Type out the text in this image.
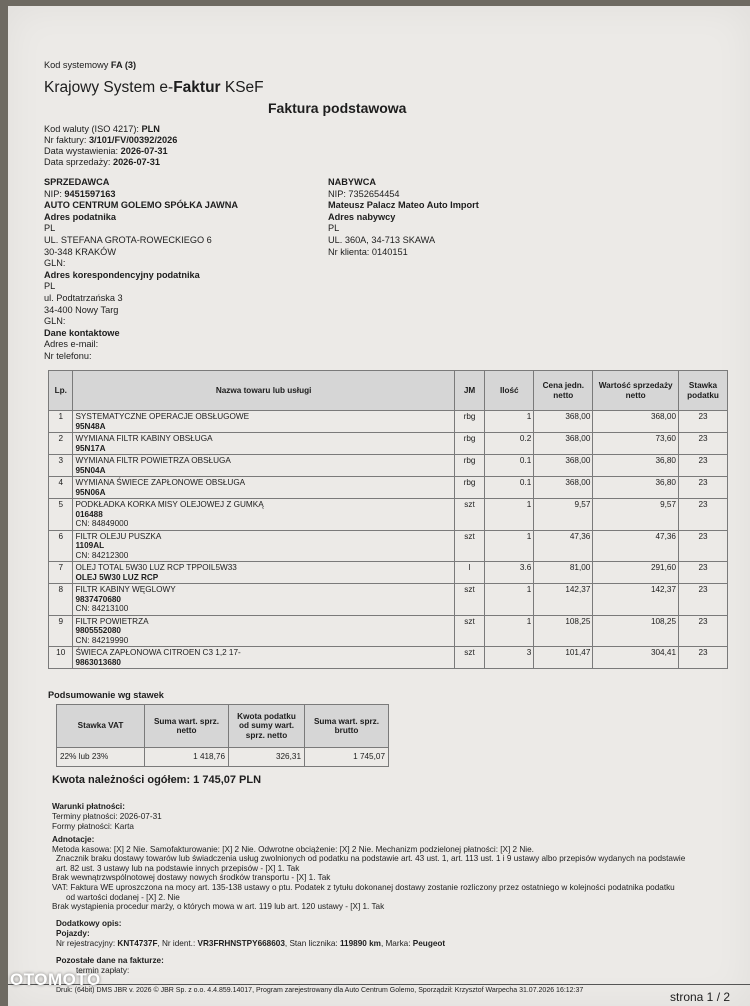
Kod systemowy FA (3)
Krajowy System e-Faktur KSeF
Faktura podstawowa
Kod waluty (ISO 4217): PLN
Nr faktury: 3/101/FV/00392/2026
Data wystawienia: 2026-07-31
Data sprzedaży: 2026-07-31
SPRZEDAWCA
NIP: 9451597163
AUTO CENTRUM GOLEMO SPÓŁKA JAWNA
Adres podatnika
PL
UL. STEFANA GROTA-ROWECKIEGO 6
30-348 KRAKÓW
GLN:
Adres korespondencyjny podatnika
PL
ul. Podtatrzańska 3
34-400 Nowy Targ
GLN:
Dane kontaktowe
Adres e-mail:
Nr telefonu:
NABYWCA
NIP: 7352654454
Mateusz Palacz Mateo Auto Import
Adres nabywcy
PL
UL. 360A, 34-713 SKAWA
Nr klienta: 0140151
Lp.	Nazwa towaru lub usługi	JM	Ilość	Cena jedn. netto	Wartość sprzedaży netto	Stawka podatku
1	SYSTEMATYCZNE OPERACJE OBSŁUGOWE
95N48A	rbg	1	368,00	368,00	23
2	WYMIANA FILTR KABINY OBSŁUGA
95N17A	rbg	0.2	368,00	73,60	23
3	WYMIANA FILTR POWIETRZA OBSŁUGA
95N04A	rbg	0.1	368,00	36,80	23
4	WYMIANA ŚWIECE ZAPŁONOWE OBSŁUGA
95N06A	rbg	0.1	368,00	36,80	23
5	PODKŁADKA KORKA MISY OLEJOWEJ Z GUMKĄ
016488
CN: 84849000	szt	1	9,57	9,57	23
6	FILTR OLEJU PUSZKA
1109AL
CN: 84212300	szt	1	47,36	47,36	23
7	OLEJ TOTAL 5W30 LUZ RCP TPPOIL5W33
OLEJ 5W30 LUZ RCP	l	3.6	81,00	291,60	23
8	FILTR KABINY WĘGLOWY
9837470680
CN: 84213100	szt	1	142,37	142,37	23
9	FILTR POWIETRZA
9805552080
CN: 84219990	szt	1	108,25	108,25	23
10	ŚWIECA ZAPŁONOWA CITROEN C3 1,2 17-
9863013680	szt	3	101,47	304,41	23
Podsumowanie wg stawek
Stawka VAT	Suma wart. sprz. netto	Kwota podatku od sumy wart. sprz. netto	Suma wart. sprz. brutto
22% lub 23%	1 418,76	326,31	1 745,07
Kwota należności ogółem: 1 745,07 PLN
Warunki płatności:
Terminy płatności: 2026-07-31
Formy płatności: Karta
Adnotacje:
Metoda kasowa: [X] 2 Nie. Samofakturowanie: [X] 2 Nie. Odwrotne obciążenie: [X] 2 Nie. Mechanizm podzielonej płatności: [X] 2 Nie.
Znacznik braku dostawy towarów lub świadczenia usług zwolnionych od podatku na podstawie art. 43 ust. 1, art. 113 ust. 1 i 9 ustawy albo przepisów wydanych na podstawie
art. 82 ust. 3 ustawy lub na podstawie innych przepisów - [X] 1. Tak
Brak wewnątrzwspólnotowej dostawy nowych środków transportu - [X] 1. Tak
VAT: Faktura WE uproszczona na mocy art. 135-138 ustawy o ptu. Podatek z tytułu dokonanej dostawy zostanie rozliczony przez ostatniego w kolejności podatnika podatku
od wartości dodanej - [X] 2. Nie
Brak wystąpienia procedur marży, o których mowa w art. 119 lub art. 120 ustawy - [X] 1. Tak
Dodatkowy opis:
Pojazdy:
Nr rejestracyjny: KNT4737F, Nr ident.: VR3FRHNSTPY668603, Stan licznika: 119890 km, Marka: Peugeot
Pozostałe dane na fakturze:
termin zapłaty:
Druk: (64bit) DMS JBR v. 2026 © JBR Sp. z o.o. 4.4.859.14017, Program zarejestrowany dla Auto Centrum Golemo, Sporządził: Krzysztof Warpecha 31.07.2026 16:12:37	strona 1 / 2
OTOMOTO
